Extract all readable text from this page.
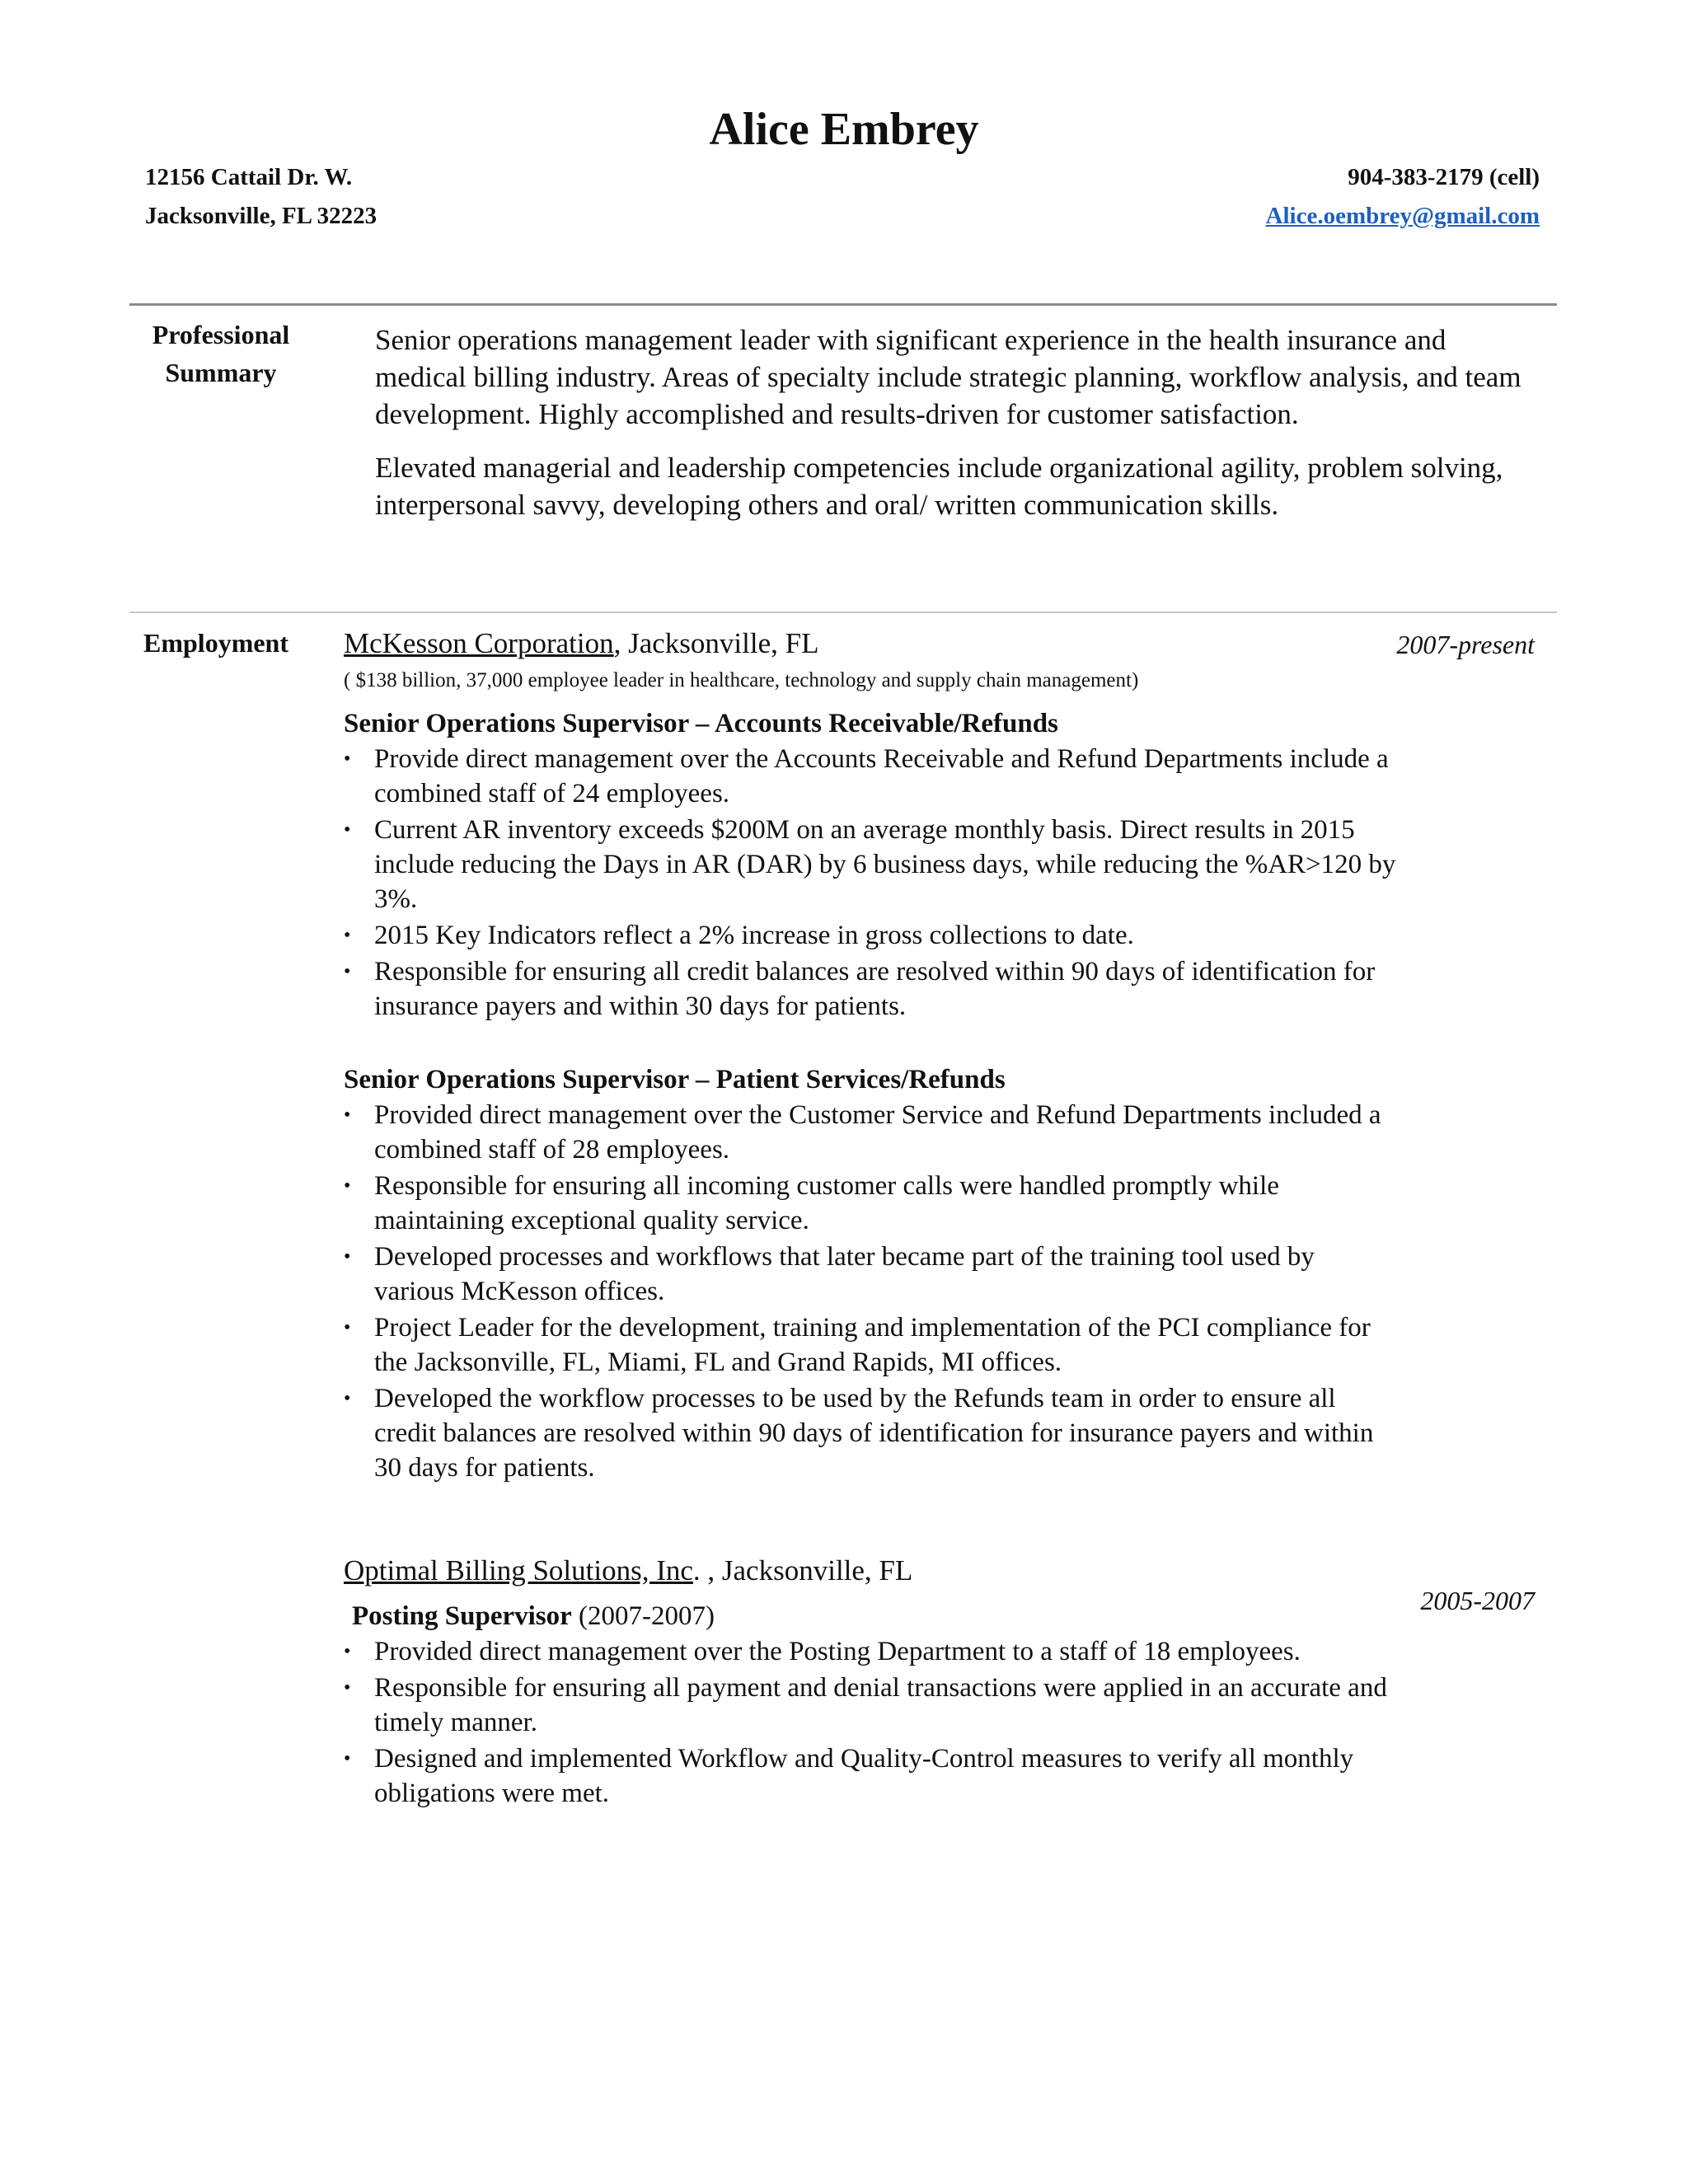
Alice Embrey
12156 Cattail Dr. W.
Jacksonville, FL 32223
904-383-2179 (cell)
Alice.oembrey@gmail.com
Professional
Summary

Senior operations management leader with significant experience in the health insurance and medical billing industry. Areas of specialty include strategic planning, workflow analysis, and team development. Highly accomplished and results-driven for customer satisfaction.

Elevated managerial and leadership competencies include organizational agility, problem solving, interpersonal savvy, developing others and oral/ written communication skills.

Employment	2007-present
McKesson Corporation, Jacksonville, FL
( $138 billion, 37,000 employee leader in healthcare, technology and supply chain management)
Senior Operations Supervisor – Accounts Receivable/Refunds
• Provide direct management over the Accounts Receivable and Refund Departments include a combined staff of 24 employees.
• Current AR inventory exceeds $200M on an average monthly basis. Direct results in 2015 include reducing the Days in AR (DAR) by 6 business days, while reducing the %AR>120 by 3%.
• 2015 Key Indicators reflect a 2% increase in gross collections to date.
• Responsible for ensuring all credit balances are resolved within 90 days of identification for insurance payers and within 30 days for patients.
Senior Operations Supervisor – Patient Services/Refunds
• Provided direct management over the Customer Service and Refund Departments included a combined staff of 28 employees.
• Responsible for ensuring all incoming customer calls were handled promptly while maintaining exceptional quality service.
• Developed processes and workflows that later became part of the training tool used by various McKesson offices.
• Project Leader for the development, training and implementation of the PCI compliance for the Jacksonville, FL, Miami, FL and Grand Rapids, MI offices.
• Developed the workflow processes to be used by the Refunds team in order to ensure all credit balances are resolved within 90 days of identification for insurance payers and within 30 days for patients.
2005-2007
Optimal Billing Solutions, Inc. , Jacksonville, FL
Posting Supervisor (2007-2007)
• Provided direct management over the Posting Department to a staff of 18 employees.
• Responsible for ensuring all payment and denial transactions were applied in an accurate and timely manner.
• Designed and implemented Workflow and Quality-Control measures to verify all monthly obligations were met.
